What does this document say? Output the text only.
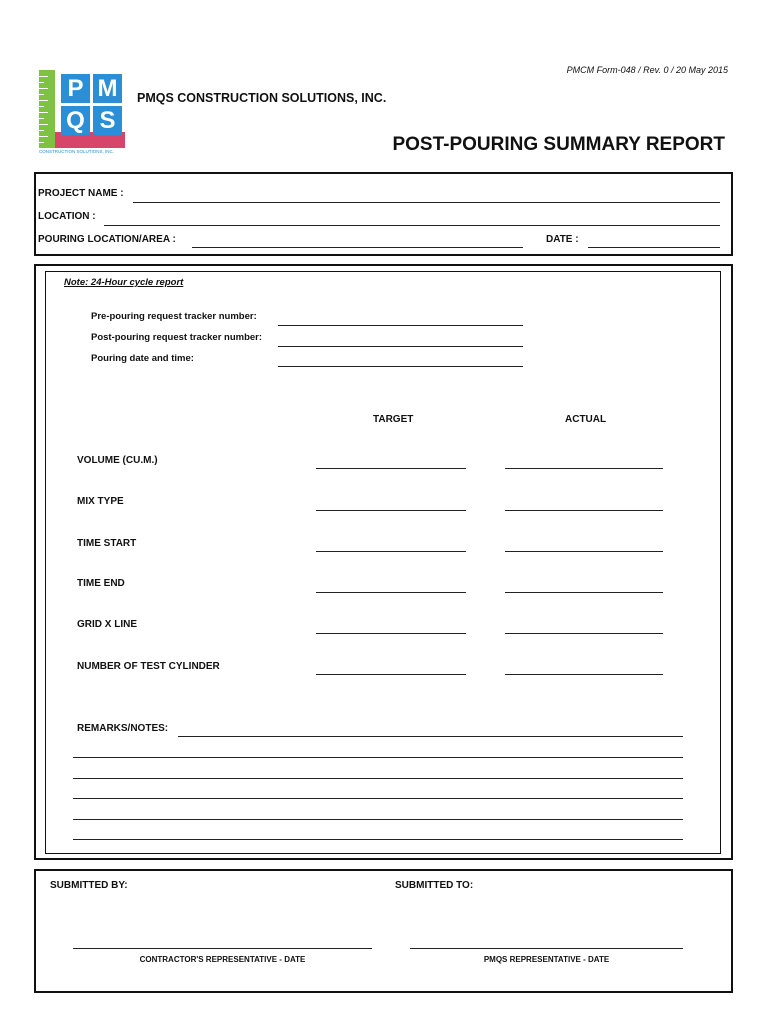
PMCM Form-048 / Rev. 0 / 20 May 2015
P M
Q S
CONSTRUCTION SOLUTIONS, INC.
PMQS CONSTRUCTION SOLUTIONS, INC.
POST-POURING SUMMARY REPORT
PROJECT NAME :
LOCATION :
POURING LOCATION/AREA :	DATE :
Note: 24-Hour cycle report
Pre-pouring request tracker number:
Post-pouring request tracker number:
Pouring date and time:
TARGET	ACTUAL
VOLUME (CU.M.)
MIX TYPE
TIME START
TIME END
GRID X LINE
NUMBER OF TEST CYLINDER
REMARKS/NOTES:
SUBMITTED BY:	SUBMITTED TO:
CONTRACTOR'S REPRESENTATIVE - DATE	PMQS REPRESENTATIVE - DATE
